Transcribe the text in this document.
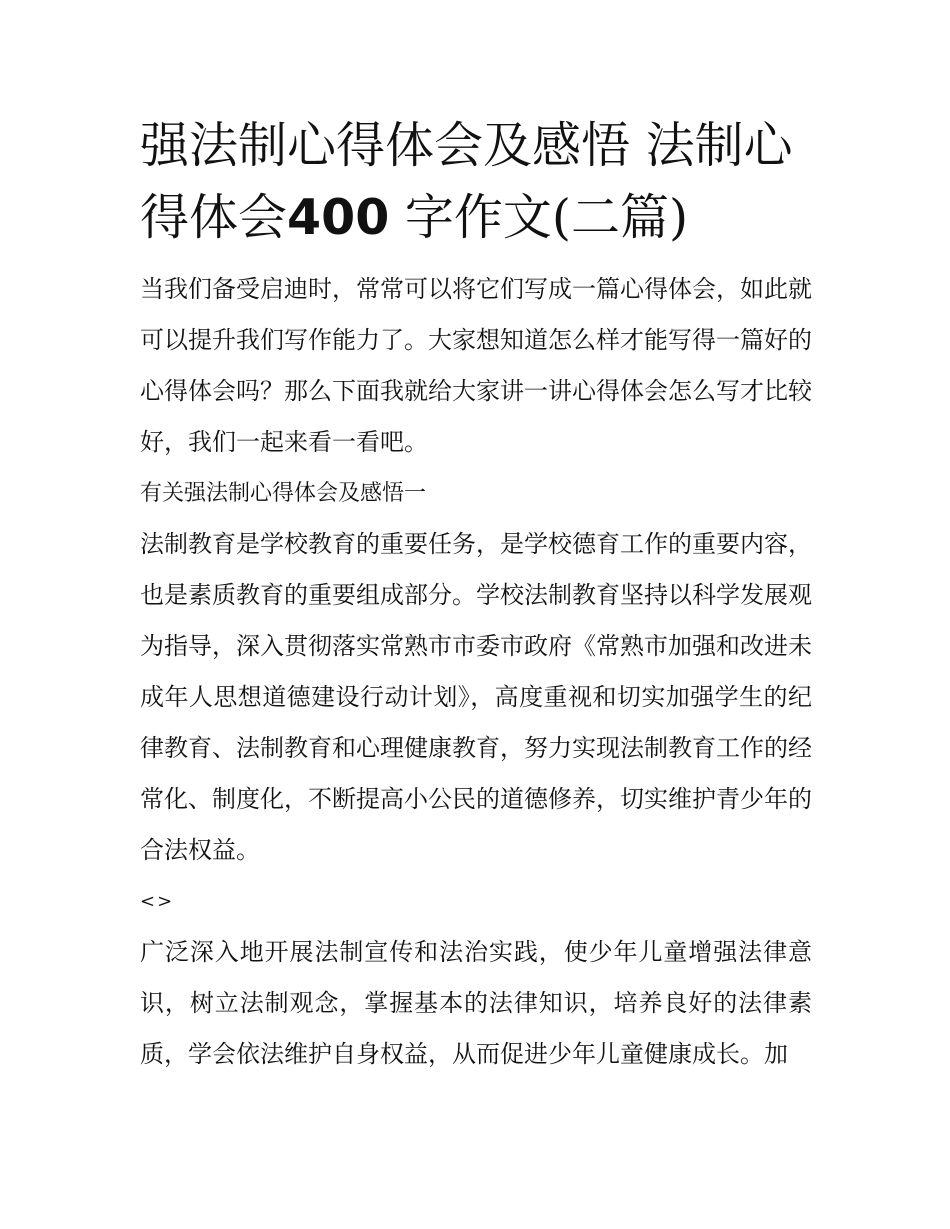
强法制心得体会及感悟 法制心得体会400 字作文(二篇)

当我们备受启迪时，常常可以将它们写成一篇心得体会，如此就可以提升我们写作能力了。大家想知道怎么样才能写得一篇好的心得体会吗？那么下面我就给大家讲一讲心得体会怎么写才比较好，我们一起来看一看吧。

有关强法制心得体会及感悟一

法制教育是学校教育的重要任务，是学校德育工作的重要内容，也是素质教育的重要组成部分。学校法制教育坚持以科学发展观为指导，深入贯彻落实常熟市市委市政府《常熟市加强和改进未成年人思想道德建设行动计划》，高度重视和切实加强学生的纪律教育、法制教育和心理健康教育，努力实现法制教育工作的经常化、制度化，不断提高小公民的道德修养，切实维护青少年的合法权益。

<>

广泛深入地开展法制宣传和法治实践，使少年儿童增强法律意识，树立法制观念，掌握基本的法律知识，培养良好的法律素质，学会依法维护自身权益，从而促进少年儿童健康成长。加
